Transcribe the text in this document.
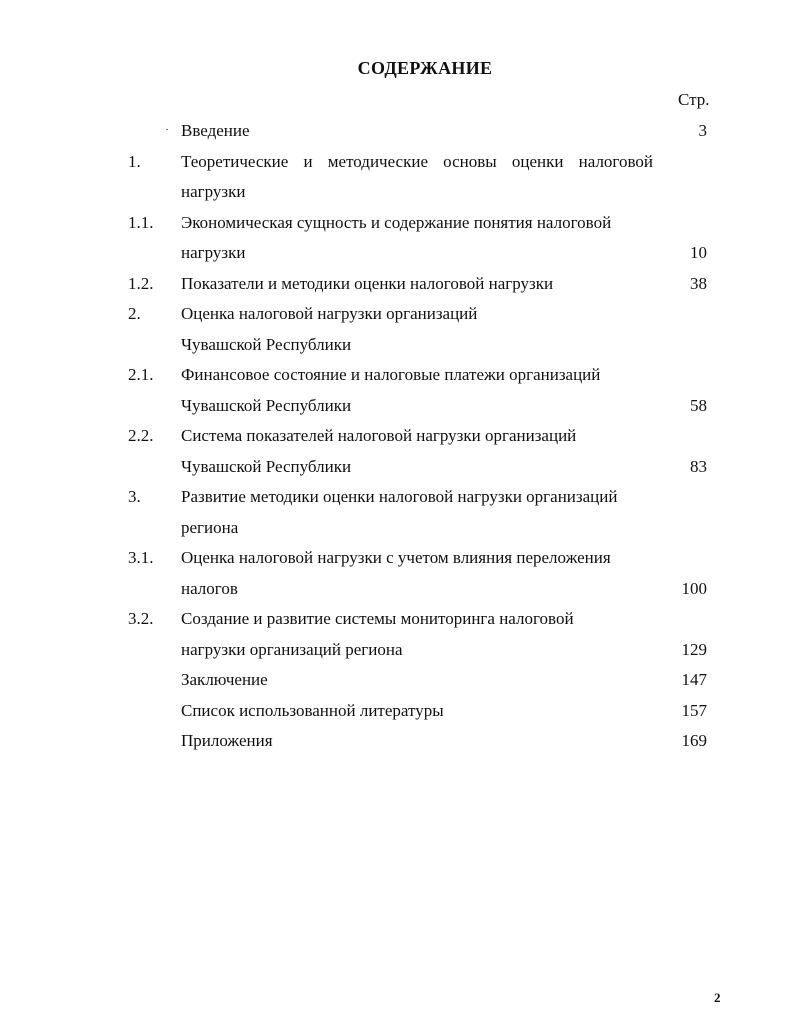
СОДЕРЖАНИЕ
Стр.
Введение	3
1. Теоретические и методические основы оценки налоговой
нагрузки
1.1. Экономическая сущность и содержание понятия налоговой
нагрузки	10
1.2. Показатели и методики оценки налоговой нагрузки	38
2. Оценка налоговой нагрузки организаций
Чувашской Республики
2.1. Финансовое состояние и налоговые платежи организаций
Чувашской Республики	58
2.2. Система показателей налоговой нагрузки организаций
Чувашской Республики	83
3. Развитие методики оценки налоговой нагрузки организаций
региона
3.1. Оценка налоговой нагрузки с учетом влияния переложения
налогов	100
3.2. Создание и развитие системы мониторинга налоговой
нагрузки организаций региона	129
Заключение	147
Список использованной литературы	157
Приложения	169
2
